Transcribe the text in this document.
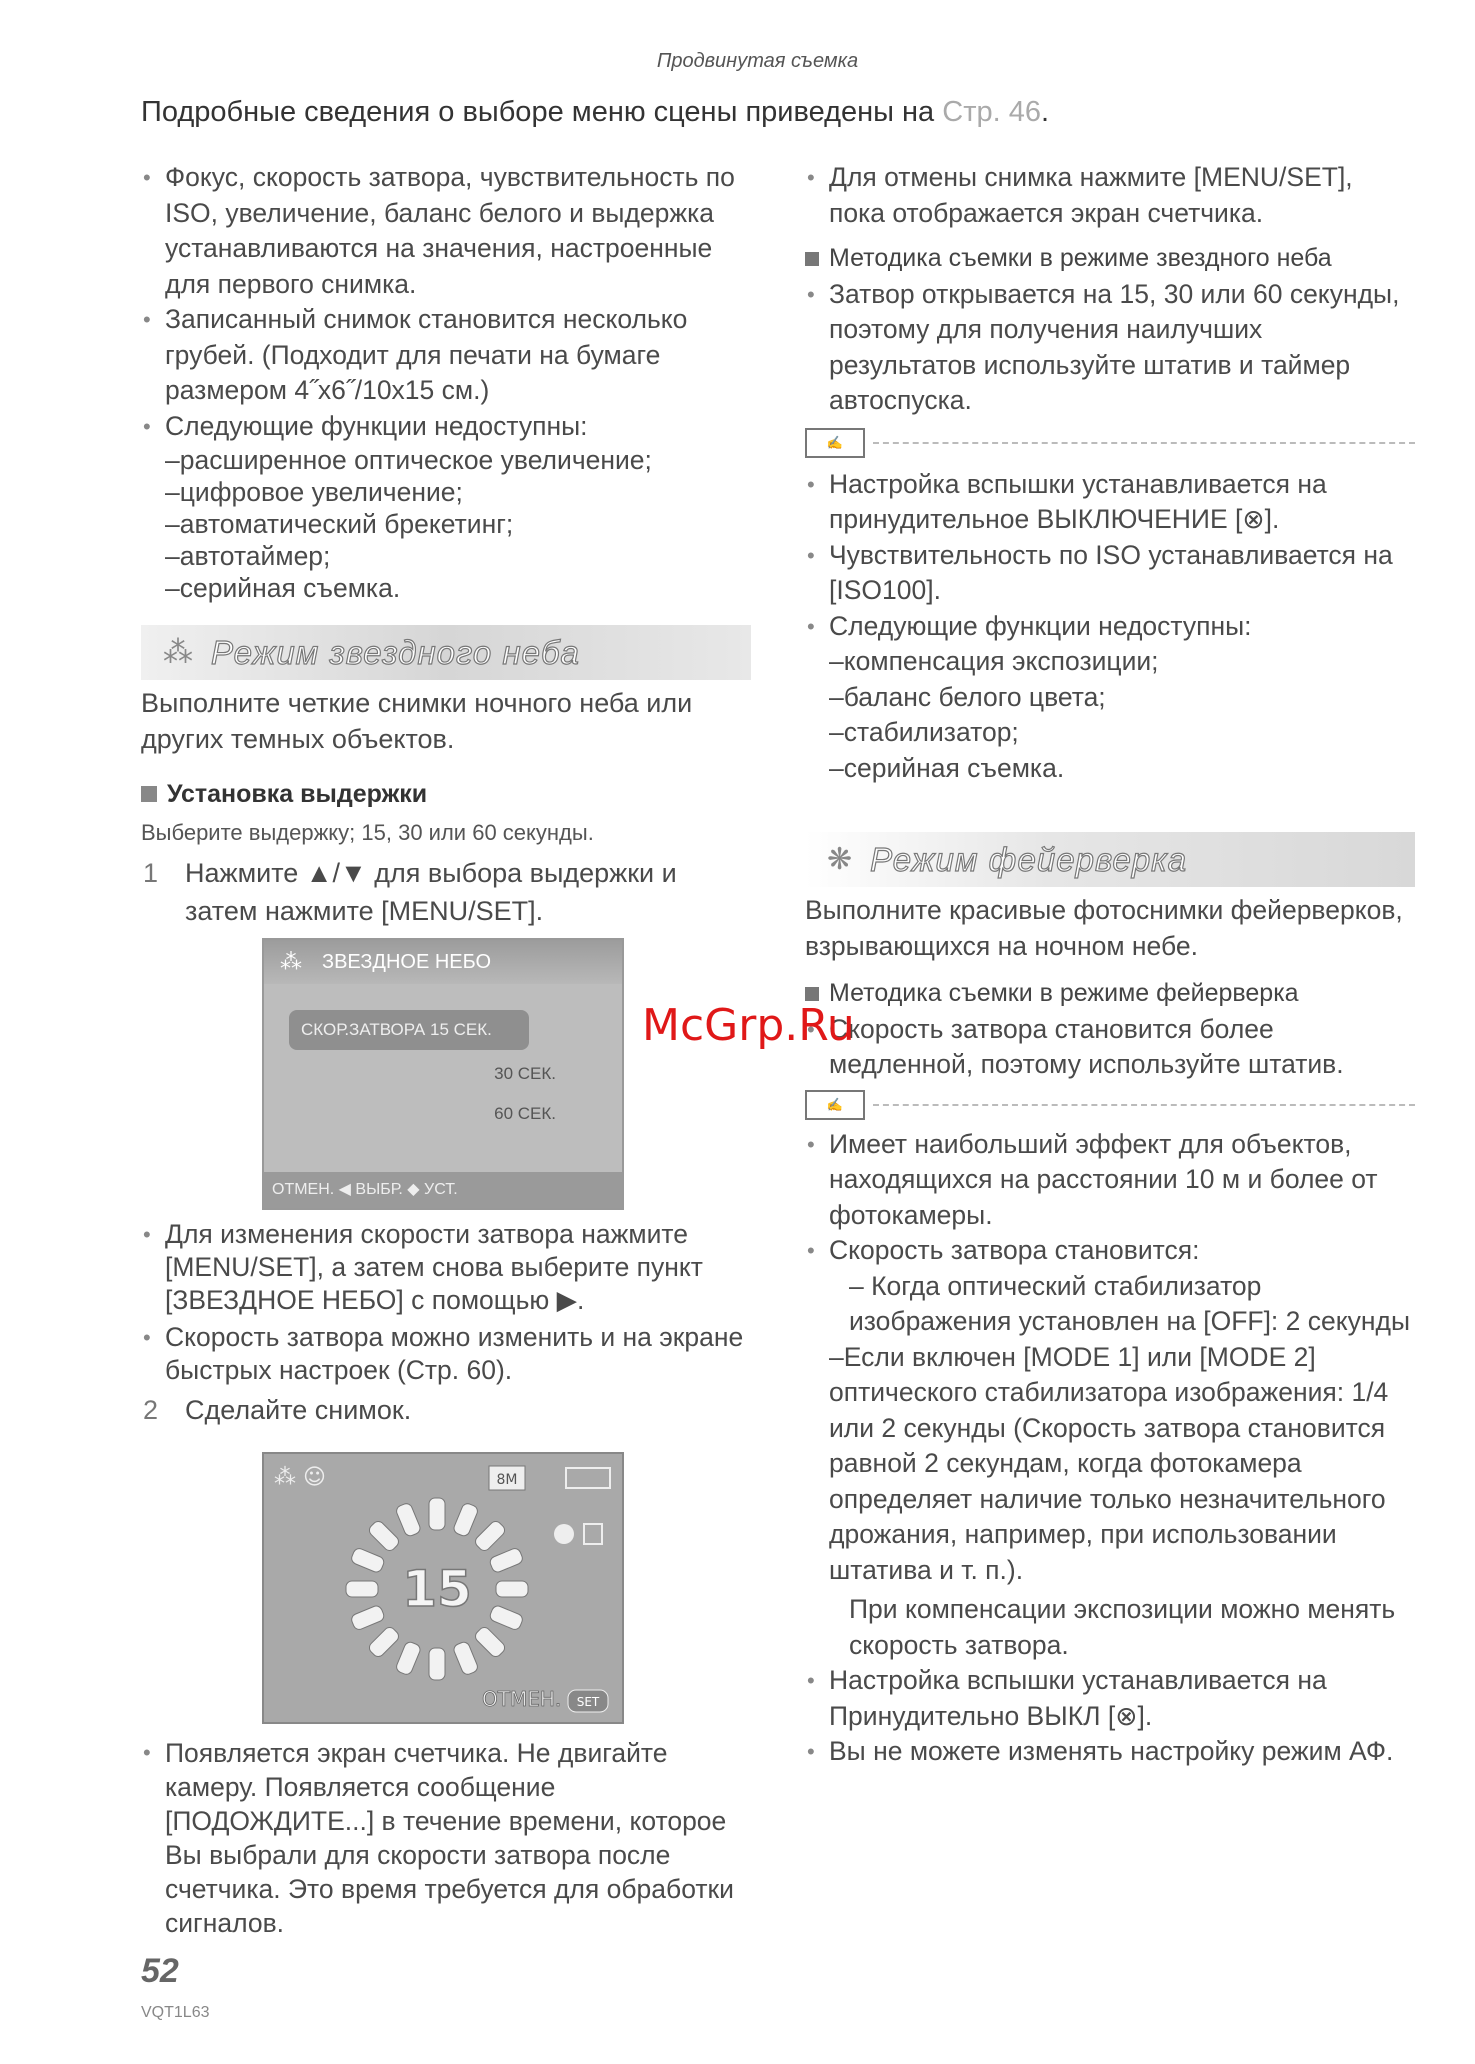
Продвинутая съемка
Подробные сведения о выборе меню сцены приведены на Стр. 46.

• Фокус, скорость затвора, чувствительность по ISO, увеличение, баланс белого и выдержка устанавливаются на значения, настроенные для первого снимка.

• Записанный снимок становится несколько грубей. (Подходит для печати на бумаге размером 4˝x6˝/10x15 см.)

• Следующие функции недоступны:

–расширенное оптическое увеличение;

–цифровое увеличение;

–автоматический брекетинг;

–автотаймер;

–серийная съемка.

⁂ Режим звездного неба

Выполните четкие снимки ночного неба или других темных объектов.

Установка выдержки

Выберите выдержку; 15, 30 или 60 секунды.

1 Нажмите ▲/▼ для выбора выдержки и затем нажмите [MENU/SET].

⁂ ЗВЕЗДНОЕ НЕБО
СКОР.ЗАТВОРА 15 СЕК.
30 СЕК.
60 СЕК.
ОТМЕН. ◀ ВЫБР. ◆ УСТ.

• Для изменения скорости затвора нажмите [MENU/SET], а затем снова выберите пункт [ЗВЕЗДНОЕ НЕБО] с помощью ▶.

• Скорость затвора можно изменить и на экране быстрых настроек (Стр. 60).

2 Сделайте снимок.

⁂ ☺
15
8M
ОТМЕН. SET

• Появляется экран счетчика. Не двигайте камеру. Появляется сообщение [ПОДОЖДИТЕ...] в течение времени, которое Вы выбрали для скорости затвора после счетчика. Это время требуется для обработки сигналов.

• Для отмены снимка нажмите [MENU/SET], пока отображается экран счетчика.

Методика съемки в режиме звездного неба

• Затвор открывается на 15, 30 или 60 секунды, поэтому для получения наилучших результатов используйте штатив и таймер автоспуска.

✍

• Настройка вспышки устанавливается на принудительное ВЫКЛЮЧЕНИЕ [⊗].

• Чувствительность по ISO устанавливается на [ISO100].

• Следующие функции недоступны:

–компенсация экспозиции;

–баланс белого цвета;

–стабилизатор;

–серийная съемка.

❋ Режим фейерверка

Выполните красивые фотоснимки фейерверков, взрывающихся на ночном небе.

Методика съемки в режиме фейерверка

• Скорость затвора становится более медленной, поэтому используйте штатив.

✍

• Имеет наибольший эффект для объектов, находящихся на расстоянии 10 м и более от фотокамеры.

• Скорость затвора становится:

– Когда оптический стабилизатор изображения установлен на [OFF]: 2 секунды

–Если включен [MODE 1] или [MODE 2] оптического стабилизатора изображения: 1/4 или 2 секунды (Скорость затвора становится равной 2 секундам, когда фотокамера определяет наличие только незначительного дрожания, например, при использовании штатива и т. п.).

При компенсации экспозиции можно менять скорость затвора.

• Настройка вспышки устанавливается на Принудительно ВЫКЛ [⊗].

• Вы не можете изменять настройку режим АФ.

McGrp.Ru
52
VQT1L63
